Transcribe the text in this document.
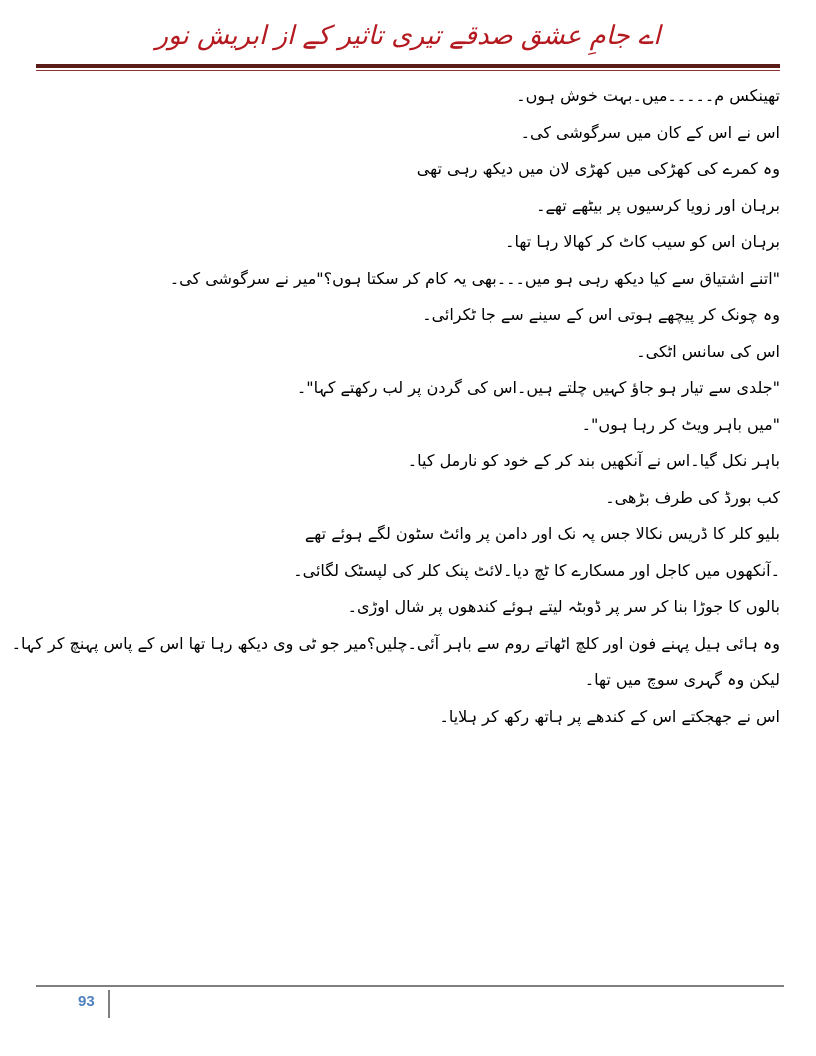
اے جامِ عشق صدقے تیری تاثیر کے از ابریش نور
تھینکس م۔۔۔۔۔میں۔بہت خوش ہوں۔
اس نے اس کے کان میں سرگوشی کی۔
وہ کمرے کی کھڑکی میں کھڑی لان میں دیکھ رہی تھی
برہان اور زویا کرسیوں پر بیٹھے تھے۔
برہان اس کو سیب کاٹ کر کھالا رہا تھا۔
"اتنے اشتیاق سے کیا دیکھ رہی ہو میں۔۔۔بھی یہ کام کر سکتا ہوں؟"میر نے سرگوشی کی۔
وہ چونک کر پیچھے ہوتی اس کے سینے سے جا ٹکرائی۔
اس کی سانس اٹکی۔
"جلدی سے تیار ہو جاؤ کہیں چلتے ہیں۔اس کی گردن پر لب رکھتے کہا"۔
"میں باہر ویٹ کر رہا ہوں"۔
باہر نکل گیا۔اس نے آنکھیں بند کر کے خود کو نارمل کیا۔
کب بورڈ کی طرف بڑھی۔
بلیو کلر کا ڈریس نکالا جس پہ نک اور دامن پر وائٹ سٹون لگے ہوئے تھے
۔آنکھوں میں کاجل اور مسکارے کا ٹچ دیا۔لائٹ پنک کلر کی لپسٹک لگائی۔
بالوں کا جوڑا بنا کر سر پر ڈوبٹہ لیتے ہوئے کندھوں پر شال اوڑی۔
وہ ہائی ہیل پہنے فون اور کلچ اٹھاتے روم سے باہر آئی۔چلیں؟میر جو ٹی وی دیکھ رہا تھا اس کے پاس پہنچ کر کہا۔
لیکن وہ گہری سوچ میں تھا۔
اس نے جھجکتے اس کے کندھے پر ہاتھ رکھ کر ہلایا۔
93
